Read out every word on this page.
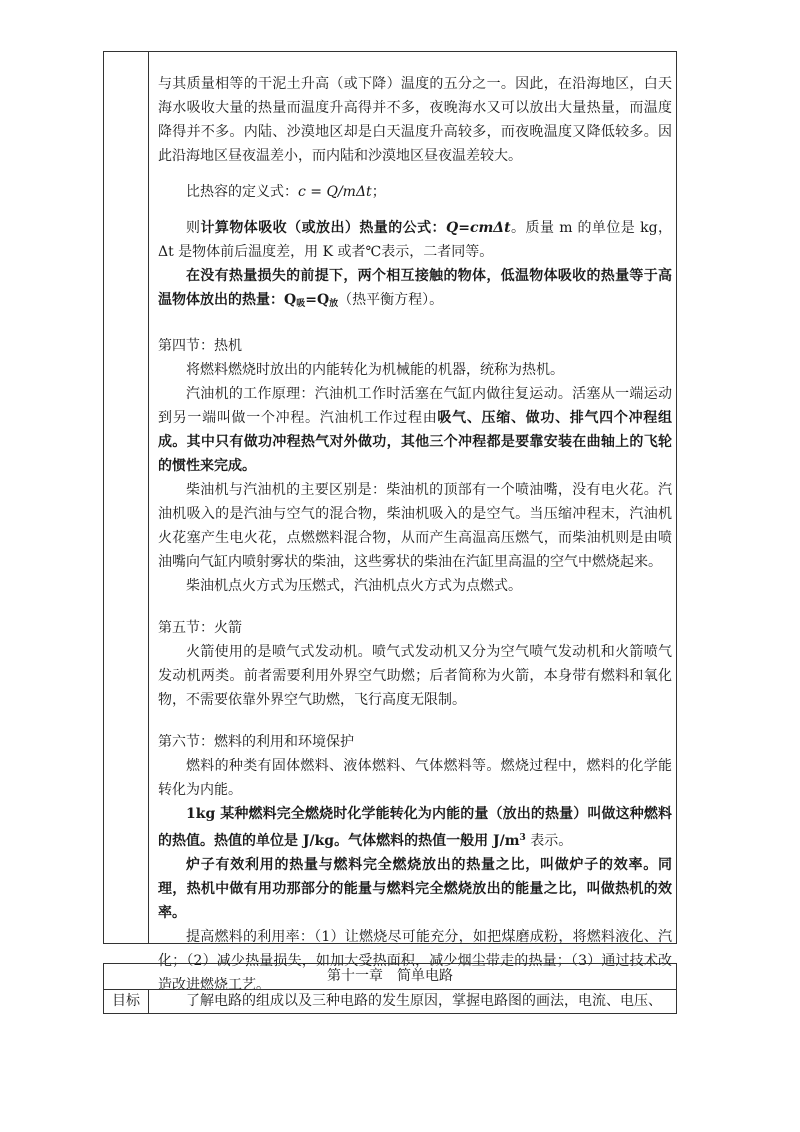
与其质量相等的干泥土升高（或下降）温度的五分之一。因此，在沿海地区，白天海水吸收大量的热量而温度升高得并不多，夜晚海水又可以放出大量热量，而温度降得并不多。内陆、沙漠地区却是白天温度升高较多，而夜晚温度又降低较多。因此沿海地区昼夜温差小，而内陆和沙漠地区昼夜温差较大。

比热容的定义式：c = Q/mΔt；

则计算物体吸收（或放出）热量的公式：Q=cmΔt。质量 m 的单位是 kg，Δt 是物体前后温度差，用 K 或者℃表示，二者同等。

在没有热量损失的前提下，两个相互接触的物体，低温物体吸收的热量等于高温物体放出的热量：$Q_吸=Q_放$（热平衡方程）。

第四节：热机

将燃料燃烧时放出的内能转化为机械能的机器，统称为热机。

汽油机的工作原理：汽油机工作时活塞在气缸内做往复运动。活塞从一端运动到另一端叫做一个冲程。汽油机工作过程由吸气、压缩、做功、排气四个冲程组成。其中只有做功冲程热气对外做功，其他三个冲程都是要靠安装在曲轴上的飞轮的惯性来完成。

柴油机与汽油机的主要区别是：柴油机的顶部有一个喷油嘴，没有电火花。汽油机吸入的是汽油与空气的混合物，柴油机吸入的是空气。当压缩冲程末，汽油机火花塞产生电火花，点燃燃料混合物，从而产生高温高压燃气，而柴油机则是由喷油嘴向气缸内喷射雾状的柴油，这些雾状的柴油在汽缸里高温的空气中燃烧起来。

柴油机点火方式为压燃式，汽油机点火方式为点燃式。

第五节：火箭

火箭使用的是喷气式发动机。喷气式发动机又分为空气喷气发动机和火箭喷气发动机两类。前者需要利用外界空气助燃；后者简称为火箭，本身带有燃料和氧化物，不需要依靠外界空气助燃，飞行高度无限制。

第六节：燃料的利用和环境保护

燃料的种类有固体燃料、液体燃料、气体燃料等。燃烧过程中，燃料的化学能转化为内能。

1kg 某种燃料完全燃烧时化学能转化为内能的量（放出的热量）叫做这种燃料的热值。热值的单位是 J/kg。气体燃料的热值一般用 $J/m^3$ 表示。

炉子有效利用的热量与燃料完全燃烧放出的热量之比，叫做炉子的效率。同理，热机中做有用功那部分的能量与燃料完全燃烧放出的能量之比，叫做热机的效率。

提高燃料的利用率：（1）让燃烧尽可能充分，如把煤磨成粉，将燃料液化、汽化；（2）减少热量损失，如加大受热面积，减少烟尘带走的热量；（3）通过技术改造改进燃烧工艺。

第十一章　简单电路
目标	了解电路的组成以及三种电路的发生原因，掌握电路图的画法，电流、电压、
